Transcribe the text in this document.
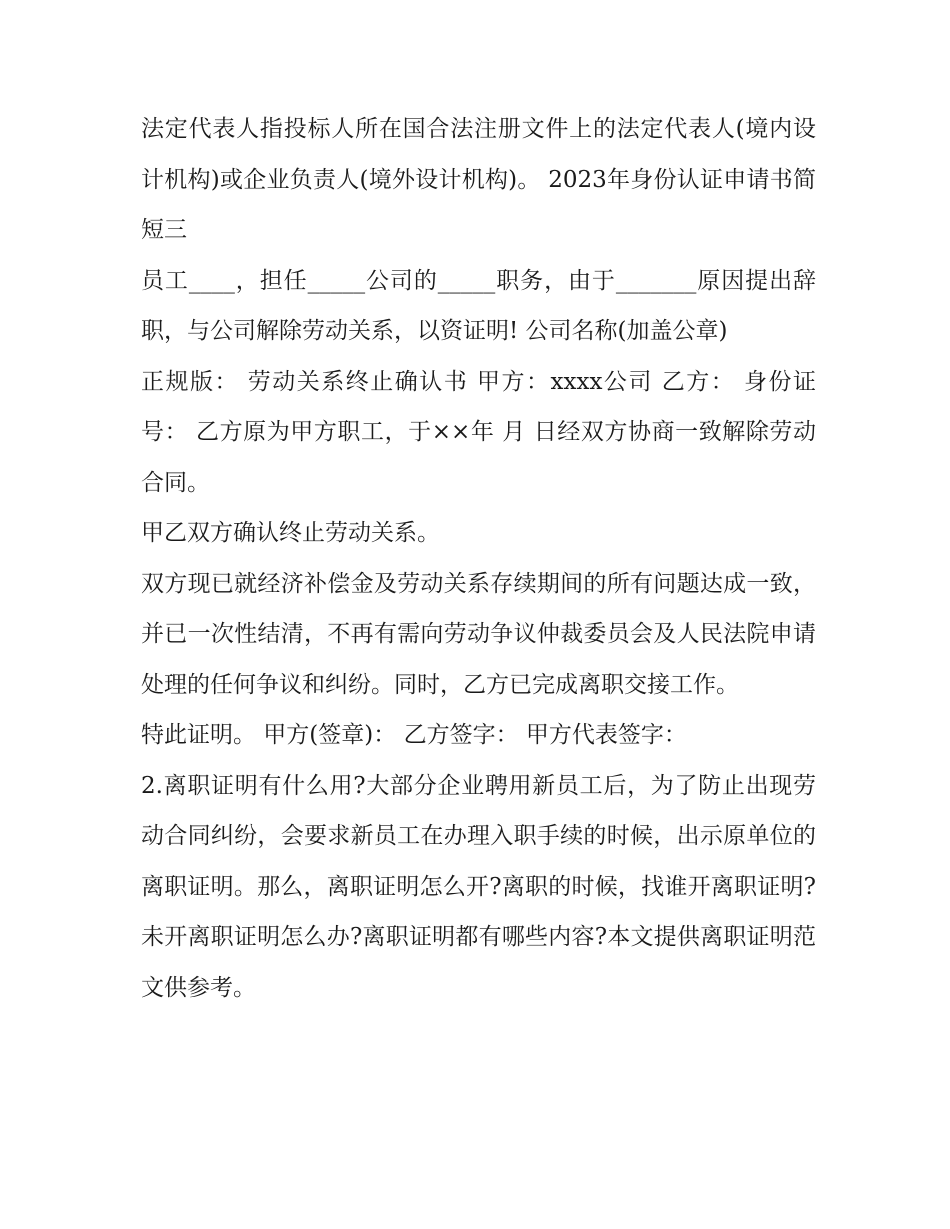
法定代表人指投标人所在国合法注册文件上的法定代表人(境内设计机构)或企业负责人(境外设计机构)。 2023年身份认证申请书简短三

员工____，担任_____公司的_____职务，由于_______原因提出辞职，与公司解除劳动关系，以资证明! 公司名称(加盖公章)

正规版： 劳动关系终止确认书 甲方：xxxx公司 乙方： 身份证号： 乙方原为甲方职工，于××年 月 日经双方协商一致解除劳动合同。

甲乙双方确认终止劳动关系。

双方现已就经济补偿金及劳动关系存续期间的所有问题达成一致，并已一次性结清，不再有需向劳动争议仲裁委员会及人民法院申请处理的任何争议和纠纷。同时，乙方已完成离职交接工作。

特此证明。 甲方(签章)： 乙方签字： 甲方代表签字：

2.离职证明有什么用?大部分企业聘用新员工后，为了防止出现劳动合同纠纷，会要求新员工在办理入职手续的时候，出示原单位的离职证明。那么，离职证明怎么开?离职的时候，找谁开离职证明?未开离职证明怎么办?离职证明都有哪些内容?本文提供离职证明范文供参考。
